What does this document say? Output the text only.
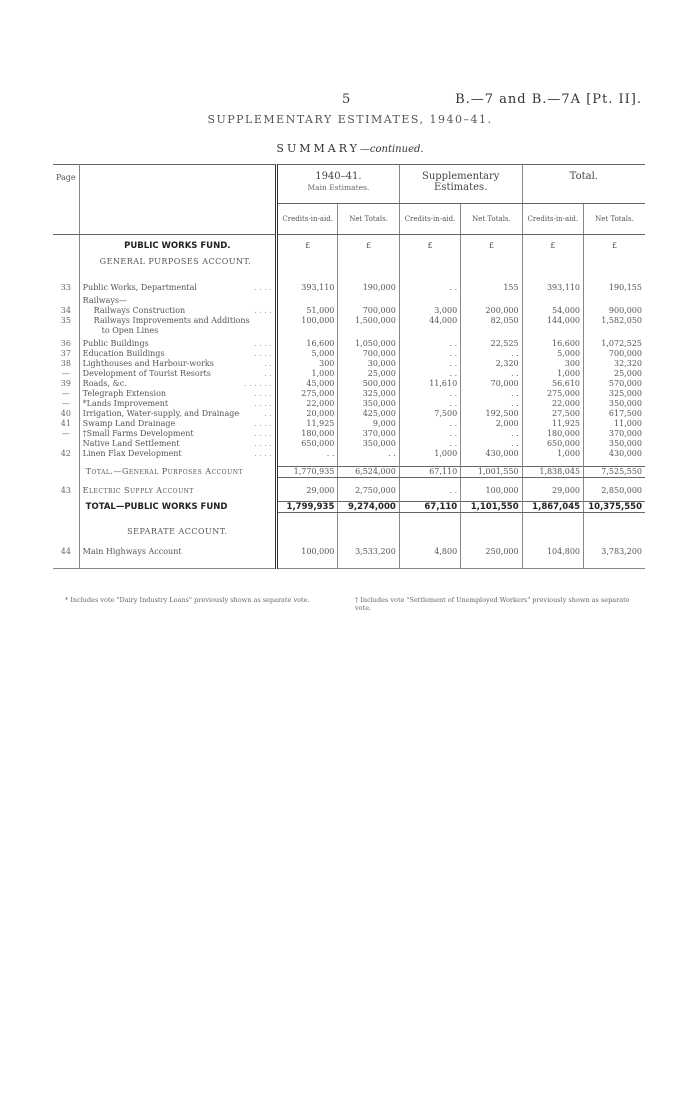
5	B.—7 and B.—7A [Pt. II].
SUPPLEMENTARY ESTIMATES, 1940–41.
SUMMARY—continued.
Page		1940–41.
Main Estimates.		Supplementary Estimates.		Total.	
		Credits-in-aid.	Net Totals.	Credits-in-aid.	Net Totals.	Credits-in-aid.	Net Totals.
	PUBLIC WORKS FUND.	£	£	£	£	£	£
	GENERAL PURPOSES ACCOUNT.						

33	Public Works, Departmental . . . .	393,110	190,000	. .	155	393,110	190,155

	Railways—						
34	Railways Construction . . . .	51,000	700,000	3,000	200,000	54,000	900,000
35	Railways Improvements and Additions	100,000	1,500,000	44,000	82,050	144,000	1,582,050
	to Open Lines						

36	Public Buildings . . . .	16,600	1,050,000	. .	22,525	16,600	1,072,525
37	Education Buildings . . . .	5,000	700,000	. .	. .	5,000	700,000
38	Lighthouses and Harbour-works . .	300	30,000	. .	2,320	300	32,320
—	Development of Tourist Resorts . .	1,000	25,000	. .	. .	1,000	25,000
39	Roads, &c. . . . . . .	45,000	500,000	11,610	70,000	56,610	570,000
—	Telegraph Extension . . . .	275,000	325,000	. .	. .	275,000	325,000
—	*Lands Improvement . . . .	22,000	350,000	. .	. .	22,000	350,000
40	Irrigation, Water-supply, and Drainage . .	20,000	425,000	7,500	192,500	27,500	617,500
41	Swamp Land Drainage . . . .	11,925	9,000	. .	2,000	11,925	11,000
—	†Small Farms Development . . . .	180,000	370,000	. .	. .	180,000	370,000
	Native Land Settlement . . . .	650,000	350,000	. .	. .	650,000	350,000
42	Linen Flax Development . . . .	. .	. .	1,000	430,000	1,000	430,000

	Total.—General Purposes Account	1,770,935	6,524,000	67,110	1,001,550	1,838,045	7,525,550

43	Electric Supply Account	29,000	2,750,000	. .	100,000	29,000	2,850,000

	TOTAL—PUBLIC WORKS FUND	1,799,935	9,274,000	67,110	1,101,550	1,867,045	10,375,550

	SEPARATE ACCOUNT.						

44	Main Highways Account	100,000	3,533,200	4,800	250,000	104,800	3,783,200

* Includes vote "Dairy Industry Loans" previously shown as separate vote.	† Includes vote "Settlement of Unemployed Workers" previously shown as separate vote.
